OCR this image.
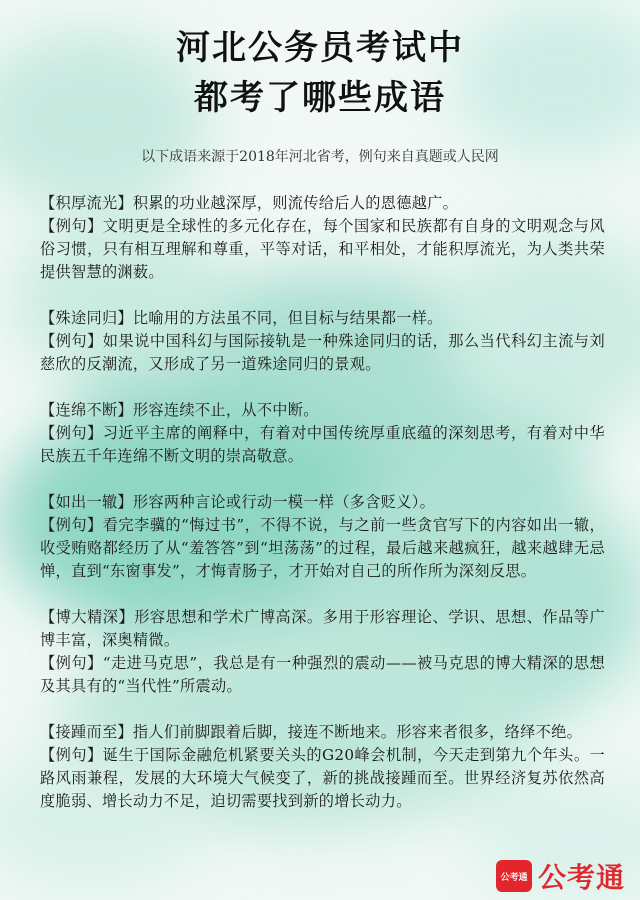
河北公务员考试中
都考了哪些成语
以下成语来源于2018年河北省考，例句来自真题或人民网

【积厚流光】积累的功业越深厚，则流传给后人的恩德越广。

【例句】文明更是全球性的多元化存在，每个国家和民族都有自身的文明观念与风俗习惯，只有相互理解和尊重，平等对话，和平相处，才能积厚流光，为人类共荣提供智慧的渊薮。

【殊途同归】比喻用的方法虽不同，但目标与结果都一样。

【例句】如果说中国科幻与国际接轨是一种殊途同归的话，那么当代科幻主流与刘慈欣的反潮流，又形成了另一道殊途同归的景观。

【连绵不断】形容连续不止，从不中断。

【例句】习近平主席的阐释中，有着对中国传统厚重底蕴的深刻思考，有着对中华民族五千年连绵不断文明的崇高敬意。

【如出一辙】形容两种言论或行动一模一样（多含贬义）。

【例句】看完李骥的“悔过书”，不得不说，与之前一些贪官写下的内容如出一辙，收受贿赂都经历了从“羞答答”到“坦荡荡”的过程，最后越来越疯狂，越来越肆无忌惮，直到“东窗事发”，才悔青肠子，才开始对自己的所作所为深刻反思。

【博大精深】形容思想和学术广博高深。多用于形容理论、学识、思想、作品等广博丰富，深奥精微。

【例句】“走进马克思”，我总是有一种强烈的震动——被马克思的博大精深的思想及其具有的“当代性”所震动。

【接踵而至】指人们前脚跟着后脚，接连不断地来。形容来者很多，络绎不绝。

【例句】诞生于国际金融危机紧要关头的G20峰会机制，今天走到第九个年头。一路风雨兼程，发展的大环境大气候变了，新的挑战接踵而至。世界经济复苏依然高度脆弱、增长动力不足，迫切需要找到新的增长动力。

公考通 公考通
